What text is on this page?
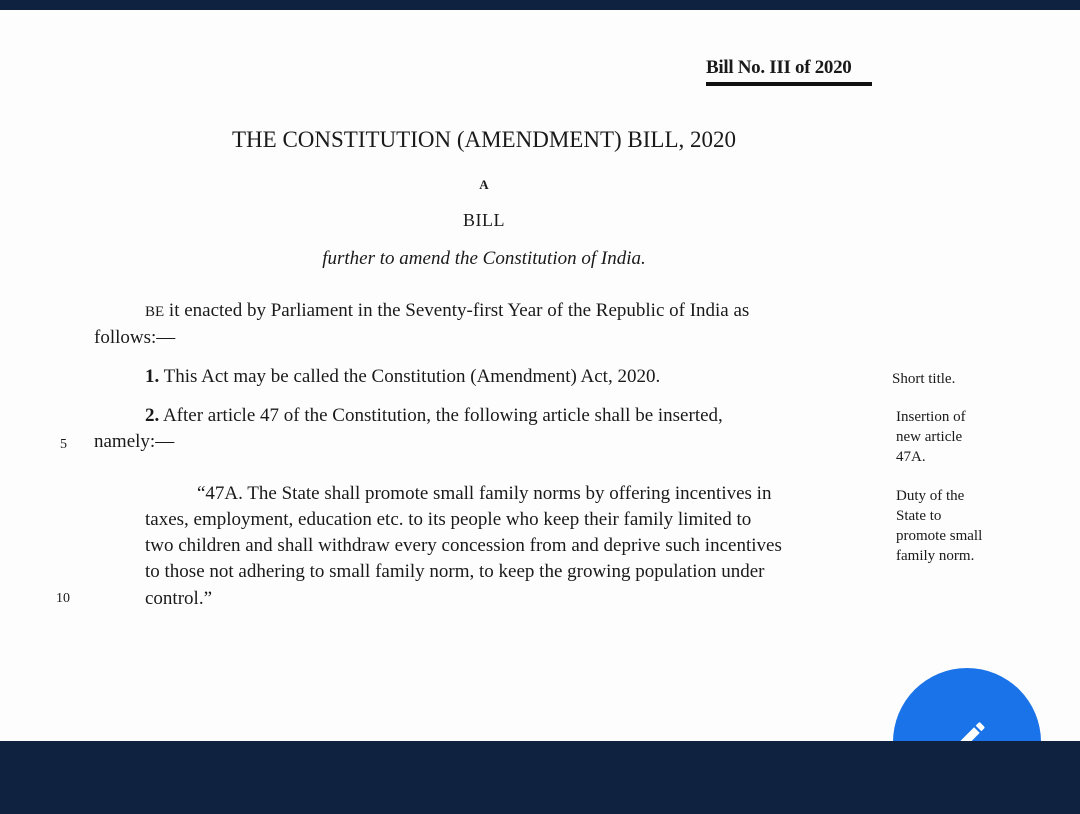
Bill No. III of 2020
THE CONSTITUTION (AMENDMENT) BILL, 2020
A
BILL
further to amend the Constitution of India.
BE it enacted by Parliament in the Seventy-first Year of the Republic of India as
follows:—
1. This Act may be called the Constitution (Amendment) Act, 2020.	Short title.
2. After article 47 of the Constitution, the following article shall be inserted,
namely:—
Insertion of
new article
47A.
“47A. The State shall promote small family norms by offering incentives in
taxes, employment, education etc. to its people who keep their family limited to
two children and shall withdraw every concession from and deprive such incentives
to those not adhering to small family norm, to keep the growing population under
control.”
Duty of the
State to
promote small
family norm.
5
10
